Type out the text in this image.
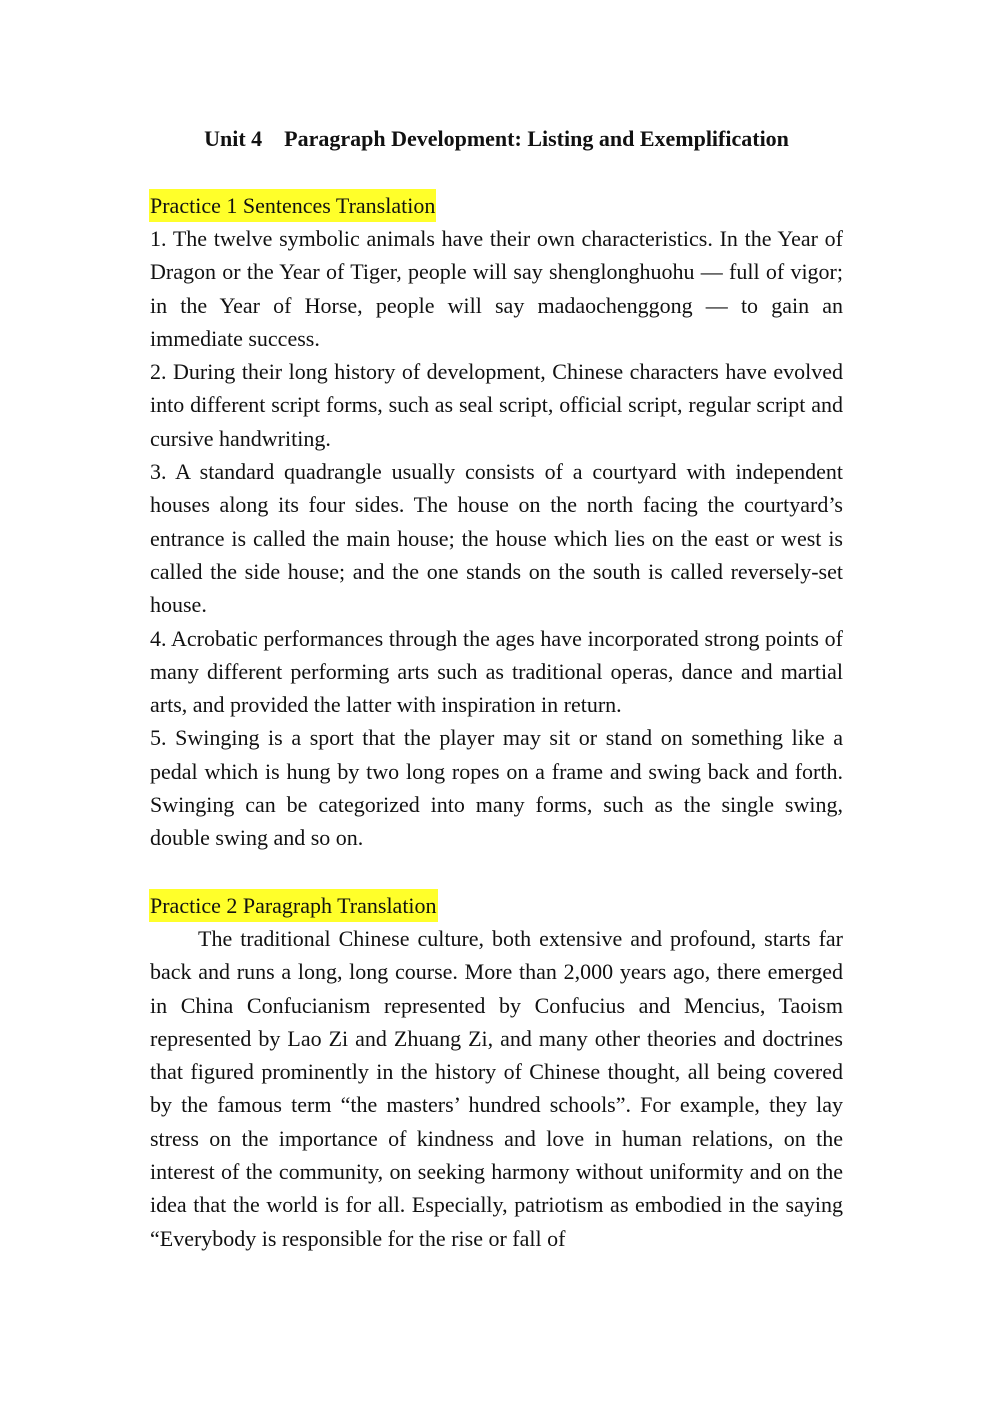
Unit 4    Paragraph Development: Listing and Exemplification
Practice 1 Sentences Translation

1. The twelve symbolic animals have their own characteristics. In the Year of Dragon or the Year of Tiger, people will say shenglonghuohu — full of vigor; in the Year of Horse, people will say madaochenggong — to gain an immediate success.

2. During their long history of development, Chinese characters have evolved into different script forms, such as seal script, official script, regular script and cursive handwriting.

3. A standard quadrangle usually consists of a courtyard with independent houses along its four sides. The house on the north facing the courtyard’s entrance is called the main house; the house which lies on the east or west is called the side house; and the one stands on the south is called reversely-set house.

4. Acrobatic performances through the ages have incorporated strong points of many different performing arts such as traditional operas, dance and martial arts, and provided the latter with inspiration in return.

5. Swinging is a sport that the player may sit or stand on something like a pedal which is hung by two long ropes on a frame and swing back and forth. Swinging can be categorized into many forms, such as the single swing, double swing and so on.

Practice 2 Paragraph Translation

The traditional Chinese culture, both extensive and profound, starts far back and runs a long, long course. More than 2,000 years ago, there emerged in China Confucianism represented by Confucius and Mencius, Taoism represented by Lao Zi and Zhuang Zi, and many other theories and doctrines that figured prominently in the history of Chinese thought, all being covered by the famous term “the masters’ hundred schools”. For example, they lay stress on the importance of kindness and love in human relations, on the interest of the community, on seeking harmony without uniformity and on the idea that the world is for all. Especially, patriotism as embodied in the saying “Everybody is responsible for the rise or fall of
